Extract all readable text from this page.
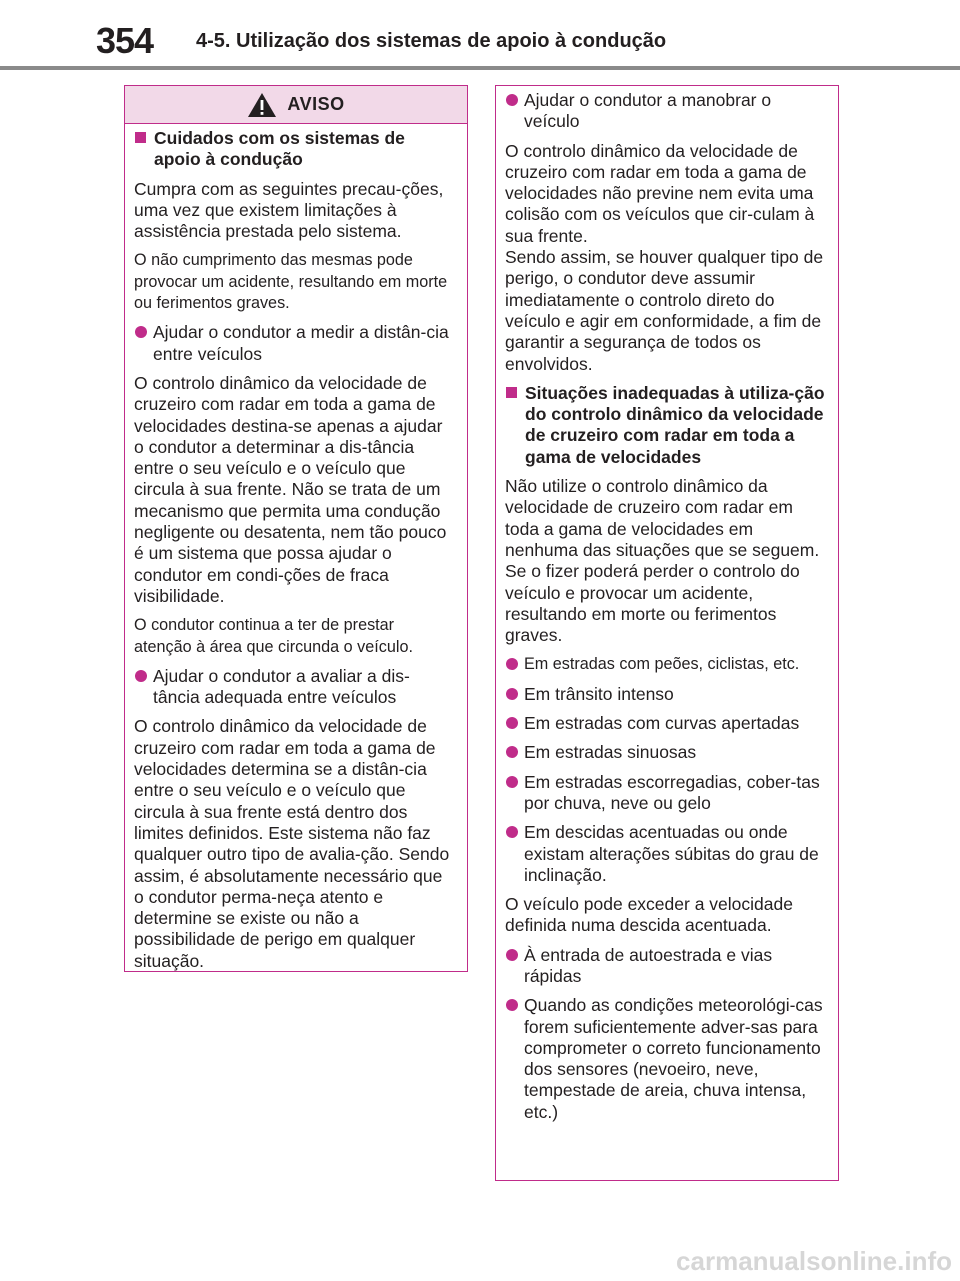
354 4-5. Utilização dos sistemas de apoio à condução
AVISO
Cuidados com os sistemas de apoio à condução

Cumpra com as seguintes precau-ções, uma vez que existem limitações à assistência prestada pelo sistema.

O não cumprimento das mesmas pode provocar um acidente, resultando em morte ou ferimentos graves.

Ajudar o condutor a medir a distân-cia entre veículos

O controlo dinâmico da velocidade de cruzeiro com radar em toda a gama de velocidades destina-se apenas a ajudar o condutor a determinar a dis-tância entre o seu veículo e o veículo que circula à sua frente. Não se trata de um mecanismo que permita uma condução negligente ou desatenta, nem tão pouco é um sistema que possa ajudar o condutor em condi-ções de fraca visibilidade.

O condutor continua a ter de prestar atenção à área que circunda o veículo.

Ajudar o condutor a avaliar a dis-tância adequada entre veículos

O controlo dinâmico da velocidade de cruzeiro com radar em toda a gama de velocidades determina se a distân-cia entre o seu veículo e o veículo que circula à sua frente está dentro dos limites definidos. Este sistema não faz qualquer outro tipo de avalia-ção. Sendo assim, é absolutamente necessário que o condutor perma-neça atento e determine se existe ou não a possibilidade de perigo em qualquer situação.

Ajudar o condutor a manobrar o veículo

O controlo dinâmico da velocidade de cruzeiro com radar em toda a gama de velocidades não previne nem evita uma colisão com os veículos que cir-culam à sua frente.

Sendo assim, se houver qualquer tipo de perigo, o condutor deve assumir imediatamente o controlo direto do veículo e agir em conformidade, a fim de garantir a segurança de todos os envolvidos.

Situações inadequadas à utiliza-ção do controlo dinâmico da velocidade de cruzeiro com radar em toda a gama de velocidades

Não utilize o controlo dinâmico da velocidade de cruzeiro com radar em toda a gama de velocidades em nenhuma das situações que se seguem. Se o fizer poderá perder o controlo do veículo e provocar um acidente, resultando em morte ou ferimentos graves.

Em estradas com peões, ciclistas, etc.
Em trânsito intenso
Em estradas com curvas apertadas
Em estradas sinuosas
Em estradas escorregadias, cober-tas por chuva, neve ou gelo
Em descidas acentuadas ou onde existam alterações súbitas do grau de inclinação.

O veículo pode exceder a velocidade definida numa descida acentuada.

À entrada de autoestrada e vias rápidas
Quando as condições meteorológi-cas forem suficientemente adver-sas para comprometer o correto funcionamento dos sensores (nevoeiro, neve, tempestade de areia, chuva intensa, etc.)
carmanualsonline.info
